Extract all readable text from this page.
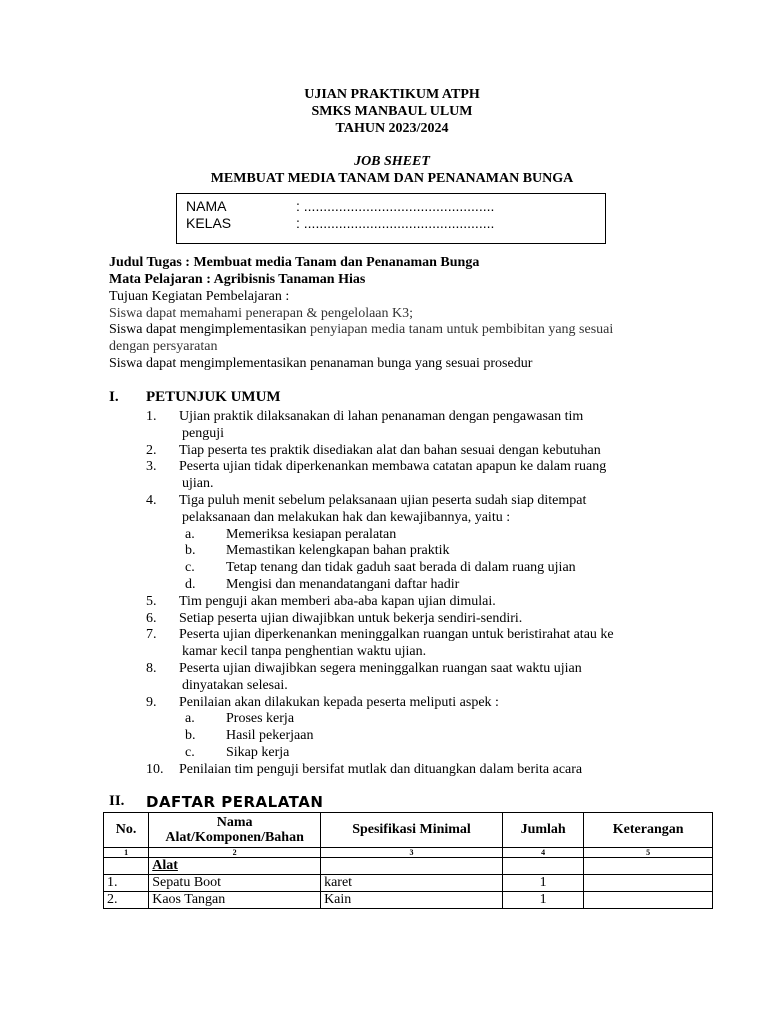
UJIAN PRAKTIKUM ATPH
SMKS MANBAUL ULUM
TAHUN 2023/2024
JOB SHEET
MEMBUAT MEDIA TANAM DAN PENANAMAN BUNGA
NAMA	: .................................................
KELAS	: .................................................
Judul Tugas : Membuat media Tanam dan Penanaman Bunga
Mata Pelajaran : Agribisnis Tanaman Hias
Tujuan Kegiatan Pembelajaran :
Siswa dapat memahami penerapan & pengelolaan K3;
Siswa dapat mengimplementasikan penyiapan media tanam untuk pembibitan yang sesuai
dengan persyaratan
Siswa dapat mengimplementasikan penanaman bunga yang sesuai prosedur
I. PETUNJUK UMUM
1. Ujian praktik dilaksanakan di lahan penanaman dengan pengawasan tim
penguji
2. Tiap peserta tes praktik disediakan alat dan bahan sesuai dengan kebutuhan
3. Peserta ujian tidak diperkenankan membawa catatan apapun ke dalam ruang
ujian.
4. Tiga puluh menit sebelum pelaksanaan ujian peserta sudah siap ditempat
pelaksanaan dan melakukan hak dan kewajibannya, yaitu :
a. Memeriksa kesiapan peralatan
b. Memastikan kelengkapan bahan praktik
c. Tetap tenang dan tidak gaduh saat berada di dalam ruang ujian
d. Mengisi dan menandatangani daftar hadir
5. Tim penguji akan memberi aba-aba kapan ujian dimulai.
6. Setiap peserta ujian diwajibkan untuk bekerja sendiri-sendiri.
7. Peserta ujian diperkenankan meninggalkan ruangan untuk beristirahat atau ke
kamar kecil tanpa penghentian waktu ujian.
8. Peserta ujian diwajibkan segera meninggalkan ruangan saat waktu ujian
dinyatakan selesai.
9. Penilaian akan dilakukan kepada peserta meliputi aspek :
a. Proses kerja
b. Hasil pekerjaan
c. Sikap kerja
10. Penilaian tim penguji bersifat mutlak dan dituangkan dalam berita acara
II. DAFTAR PERALATAN
No.	Nama
Alat/Komponen/Bahan	Spesifikasi Minimal	Jumlah	Keterangan
1	2	3	4	5
	Alat			
1.	Sepatu Boot	karet	1	
2.	Kaos Tangan	Kain	1	
